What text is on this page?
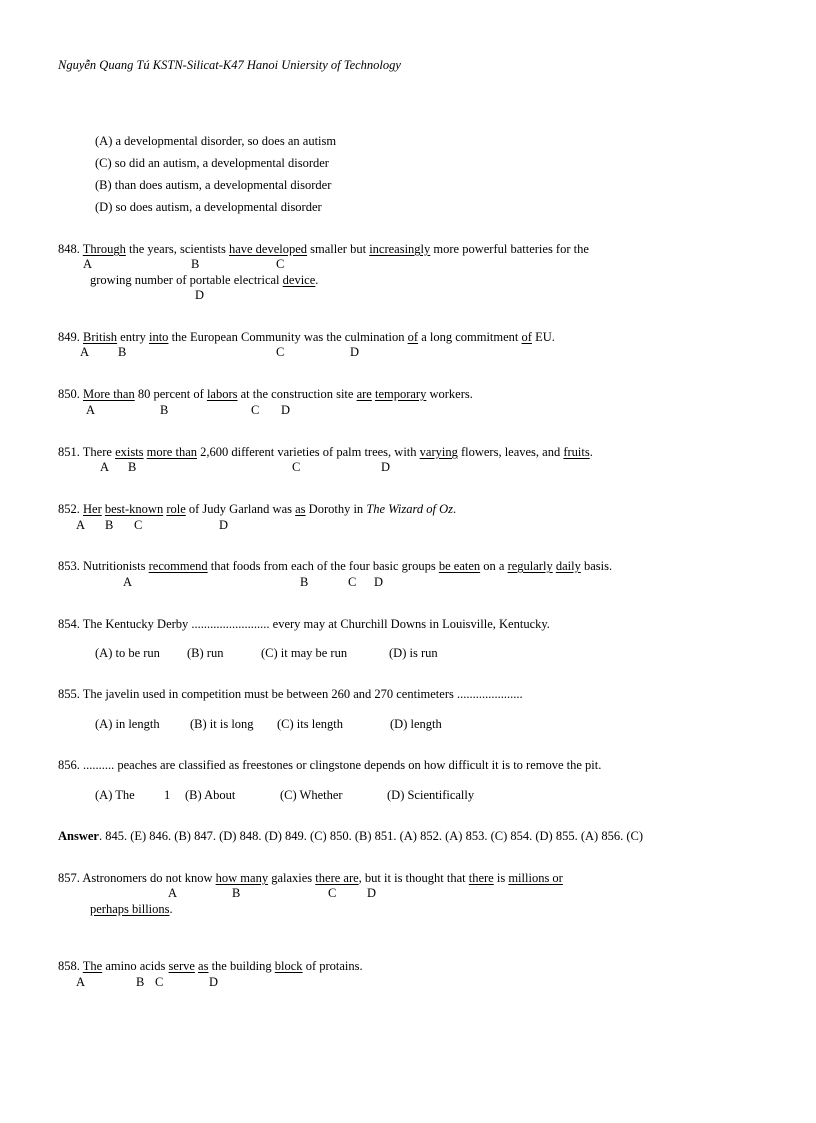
Nguyễn Quang Tú KSTN-Silicat-K47 Hanoi Uniersity of Technology
(A) a developmental disorder, so does an autism
(C) so did an autism, a developmental disorder
(B) than does autism, a developmental disorder
(D) so does autism, a developmental disorder
848. Through the years, scientists have developed smaller but increasingly more powerful batteries for the
A	B	C
growing number of portable electrical device.
D
849. British entry into the European Community was the culmination of a long commitment of EU.
A B	C	D
850. More than 80 percent of labors at the construction site are temporary workers.
A	B	C D
851. There exists more than 2,600 different varieties of palm trees, with varying flowers, leaves, and fruits.
A B	C	D
852. Her best-known role of Judy Garland was as Dorothy in The Wizard of Oz.
A B C	D
853. Nutritionists recommend that foods from each of the four basic groups be eaten on a regularly daily basis.
A	B	C D
854. The Kentucky Derby ......................... every may at Churchill Downs in Louisville, Kentucky.
(A) to be run (B) run	(C) it may be run	(D) is run
855. The javelin used in competition must be between 260 and 270 centimeters .....................
(A) in length (B) it is long (C) its length	(D) length
856. .......... peaches are classified as freestones or clingstone depends on how difficult it is to remove the pit.
(A) The 1 (B) About	(C) Whether	(D) Scientifically
Answer. 845. (E) 846. (B) 847. (D) 848. (D) 849. (C) 850. (B) 851. (A) 852. (A) 853. (C) 854. (D) 855. (A) 856. (C)
857. Astronomers do not know how many galaxies there are, but it is thought that there is millions or
A	B	C D
perhaps billions.
858. The amino acids serve as the building block of protains.
A	B C	D
